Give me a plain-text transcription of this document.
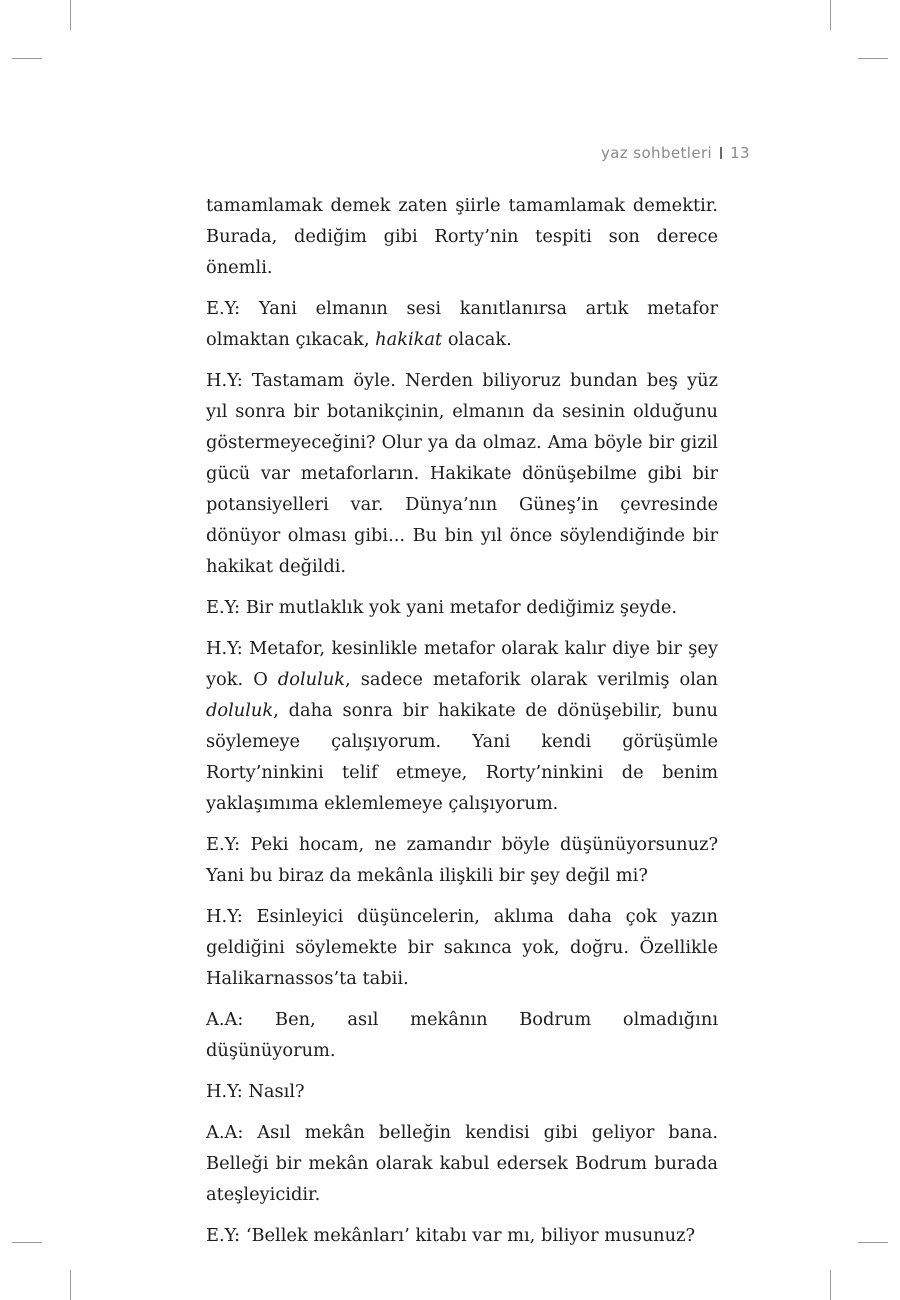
yaz sohbetleri 13

tamamlamak demek zaten şiirle tamamlamak demektir. Burada, dediğim gibi Rorty’nin tespiti son derece önemli.

E.Y: Yani elmanın sesi kanıtlanırsa artık metafor olmaktan çıkacak, hakikat olacak.

H.Y: Tastamam öyle. Nerden biliyoruz bundan beş yüz yıl sonra bir botanikçinin, elmanın da sesinin olduğunu göstermeyeceğini? Olur ya da olmaz. Ama böyle bir gizil gücü var metaforların. Hakikate dönüşebilme gibi bir potansiyelleri var. Dünya’nın Güneş’in çevresinde dönüyor olması gibi... Bu bin yıl önce söylendiğinde bir hakikat değildi.

E.Y: Bir mutlaklık yok yani metafor dediğimiz şeyde.

H.Y: Metafor, kesinlikle metafor olarak kalır diye bir şey yok. O doluluk, sadece metaforik olarak verilmiş olan doluluk, daha sonra bir hakikate de dönüşebilir, bunu söylemeye çalışıyorum. Yani kendi görüşümle Rorty’ninkini telif etmeye, Rorty’ninkini de benim yaklaşımıma eklemlemeye çalışıyorum.

E.Y: Peki hocam, ne zamandır böyle düşünüyorsunuz? Yani bu biraz da mekânla ilişkili bir şey değil mi?

H.Y: Esinleyici düşüncelerin, aklıma daha çok yazın geldiğini söylemekte bir sakınca yok, doğru. Özellikle Halikarnassos’ta tabii.

A.A: Ben, asıl mekânın Bodrum olmadığını düşünüyorum.

H.Y: Nasıl?

A.A: Asıl mekân belleğin kendisi gibi geliyor bana. Belleği bir mekân olarak kabul edersek Bodrum burada ateşleyicidir.

E.Y: ‘Bellek mekânları’ kitabı var mı, biliyor musunuz?
